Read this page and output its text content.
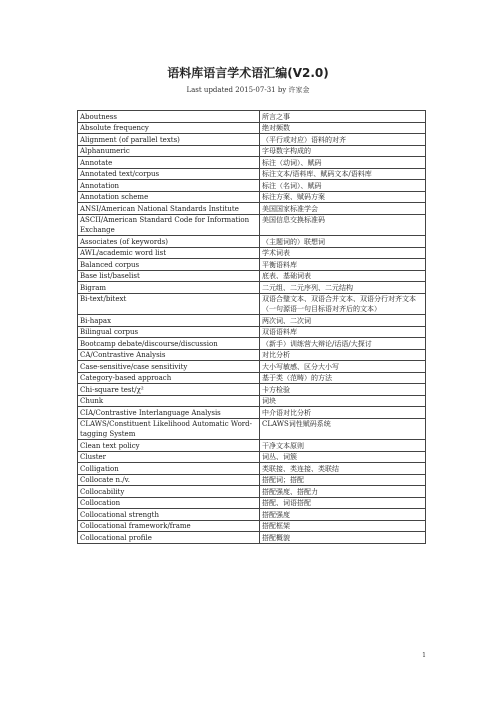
语料库语言学术语汇编(V2.0)
Last updated 2015-07-31 by 许家金
Aboutness	所言之事
Absolute frequency	绝对频数
Alignment (of parallel texts)	（平行或对应）语料的对齐
Alphanumeric	字母数字构成的
Annotate	标注（动词）、赋码
Annotated text/corpus	标注文本/语料库、赋码文本/语料库
Annotation	标注（名词）、赋码
Annotation scheme	标注方案、赋码方案
ANSI/American National Standards Institute	美国国家标准学会
ASCII/American Standard Code for Information Exchange	美国信息交换标准码
Associates (of keywords)	（主题词的）联想词
AWL/academic word list	学术词表
Balanced corpus	平衡语料库
Base list/baselist	底表、基础词表
Bigram	二元组、二元序列、二元结构
Bi-text/bitext	双语合璧文本、双语合并文本、双语分行对齐文本（一句源语一句目标语对齐后的文本）
Bi-hapax	两次词、二次词
Bilingual corpus	双语语料库
Bootcamp debate/discourse/discussion	（新手）训练营大辩论/话语/大探讨
CA/Contrastive Analysis	对比分析
Case-sensitive/case sensitivity	大小写敏感、区分大小写
Category-based approach	基于类（范畴）的方法
Chi-square test/χ²	卡方检验
Chunk	词块
CIA/Contrastive Interlanguage Analysis	中介语对比分析
CLAWS/Constituent Likelihood Automatic Word-tagging System	CLAWS词性赋码系统
Clean text policy	干净文本原则
Cluster	词丛、词簇
Colligation	类联接、类连接、类联结
Collocate n./v.	搭配词；搭配
Collocability	搭配强度、搭配力
Collocation	搭配、词语搭配
Collocational strength	搭配强度
Collocational framework/frame	搭配框架
Collocational profile	搭配概貌
1
